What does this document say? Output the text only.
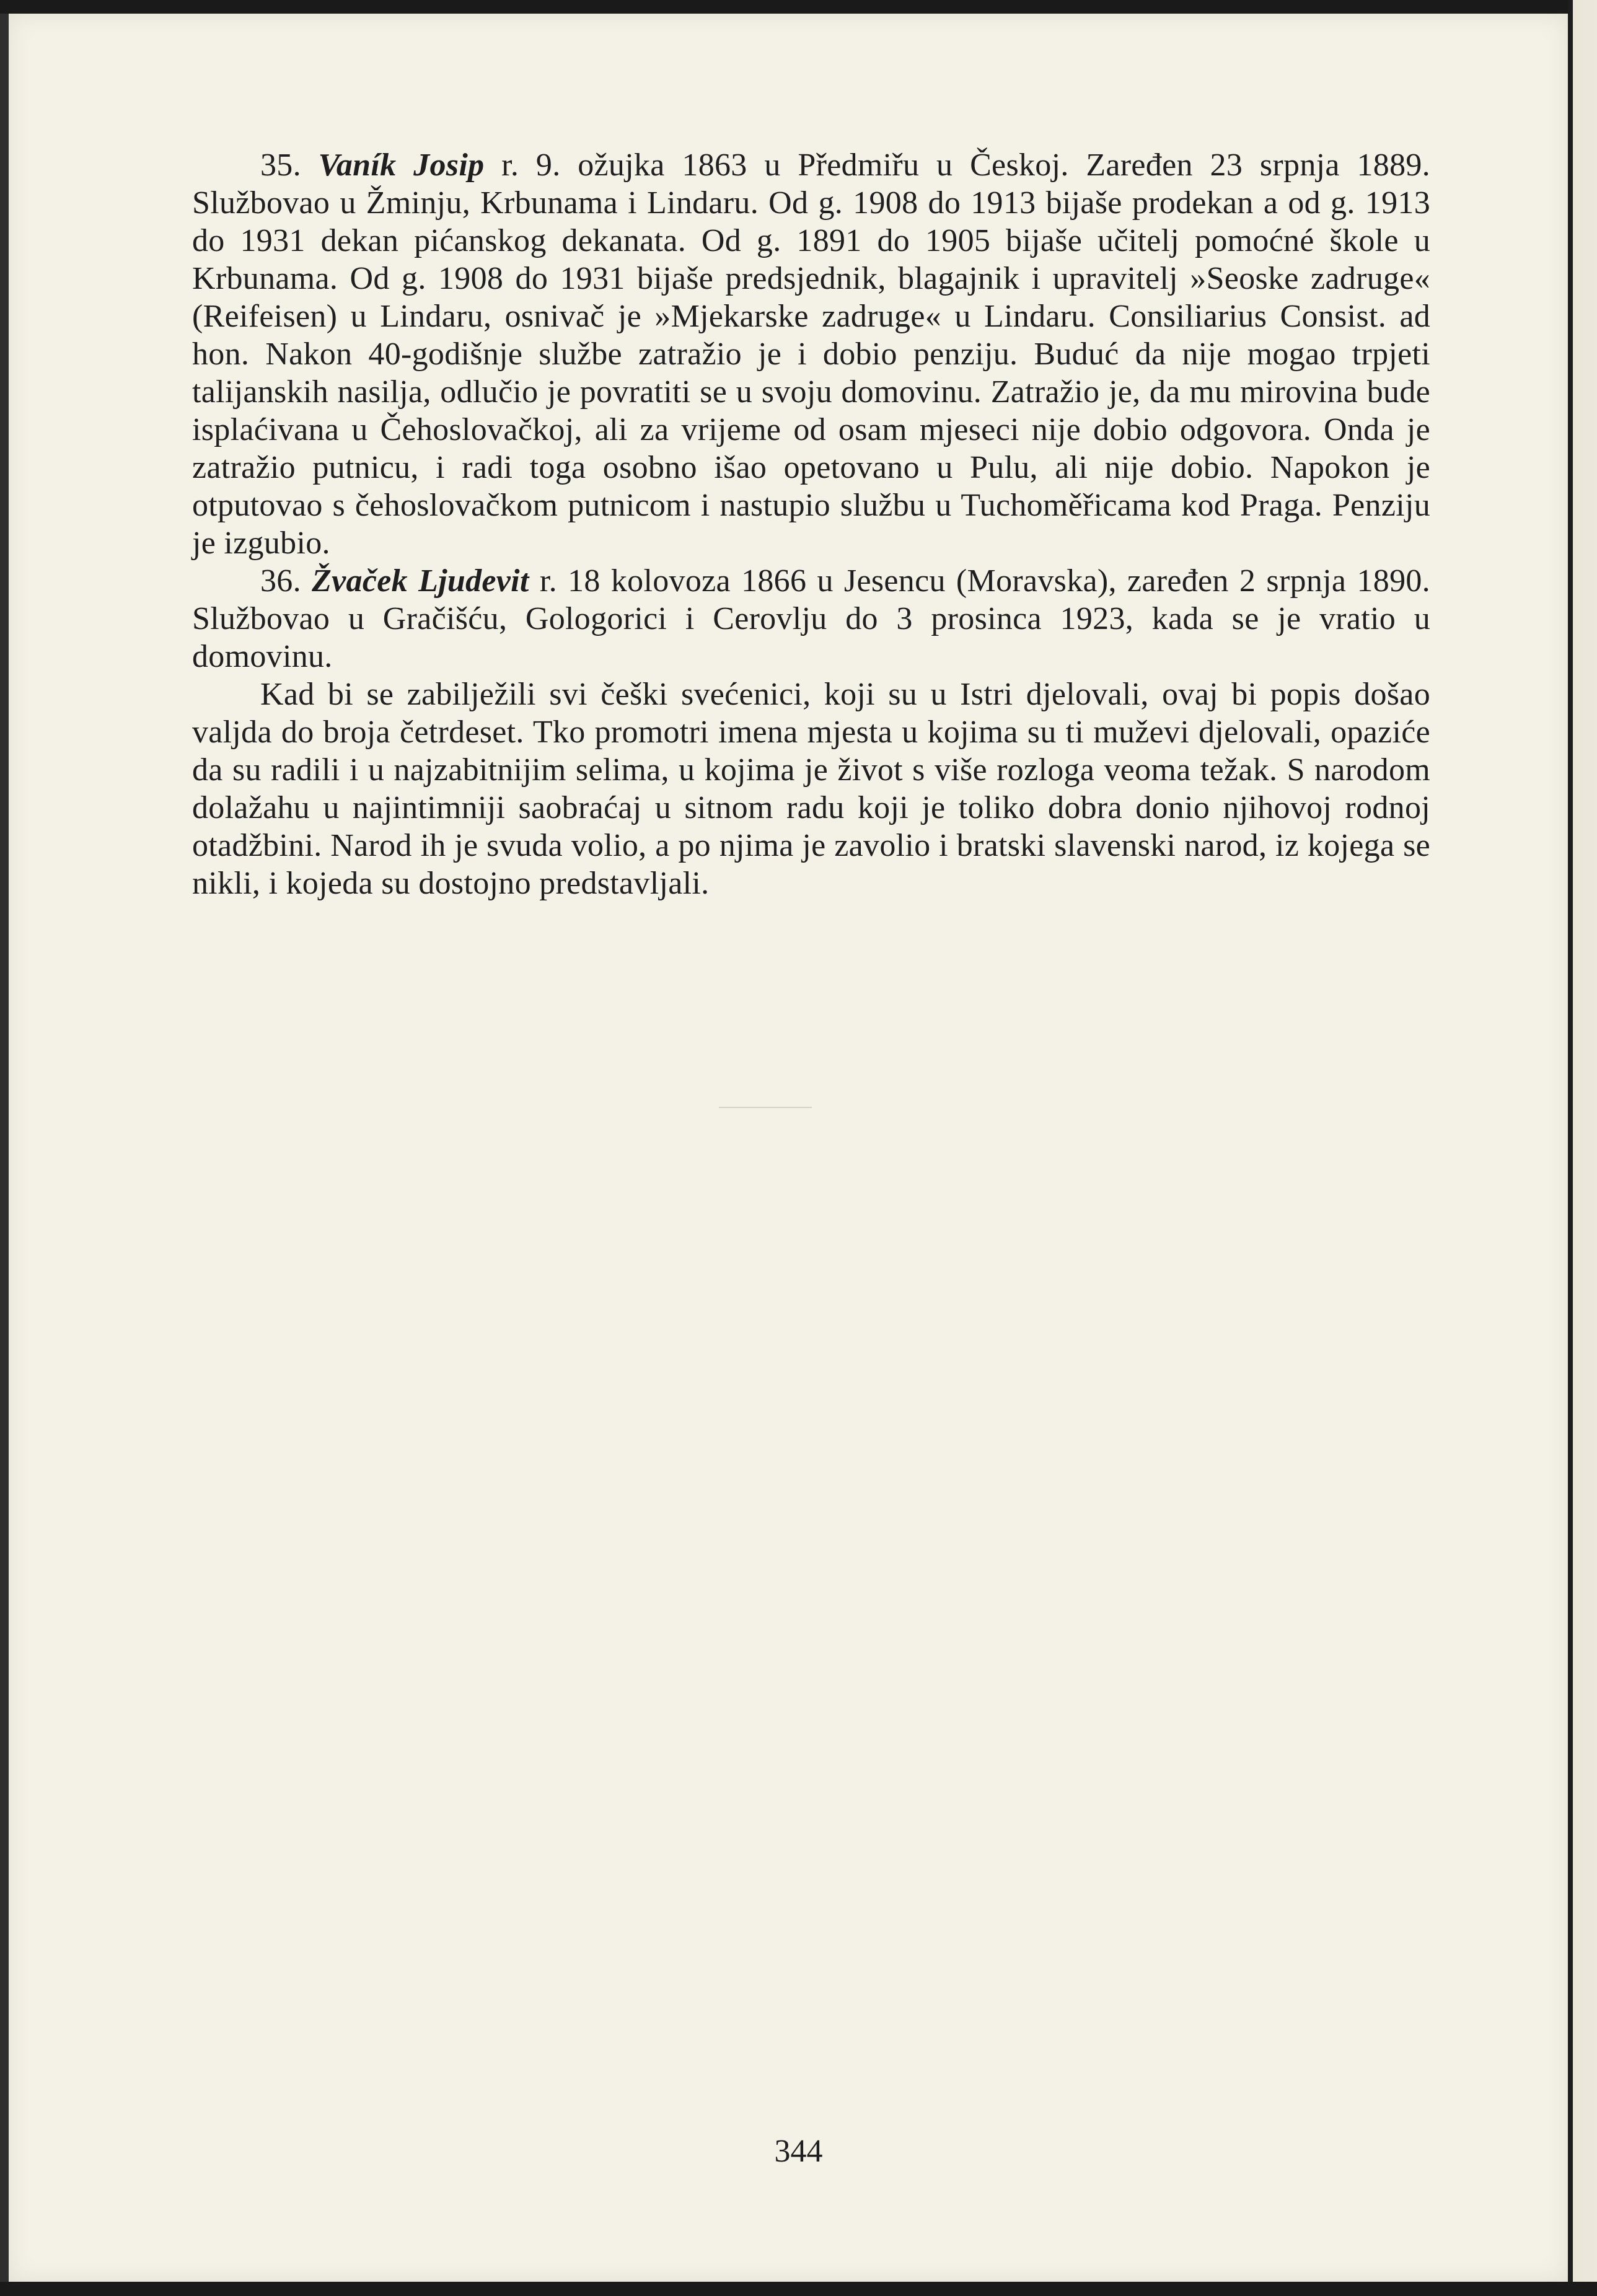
35. Vaník Josip r. 9. ožujka 1863 u Předmiřu u Českoj. Zaređen 23 srpnja 1889. Službovao u Žminju, Krbunama i Lindaru. Od g. 1908 do 1913 bijaše prodekan a od g. 1913 do 1931 dekan pićanskog dekanata. Od g. 1891 do 1905 bijaše učitelj pomoćné škole u Krbunama. Od g. 1908 do 1931 bijaše predsjednik, blagajnik i upravitelj »Seoske zadruge« (Reifeisen) u Lindaru, osnivač je »Mjekarske zadruge« u Lindaru. Consiliarius Consist. ad hon. Nakon 40-godišnje službe zatražio je i dobio penziju. Buduć da nije mogao trpjeti talijanskih nasilja, odlučio je povratiti se u svoju domovinu. Zatražio je, da mu mirovina bude isplaćivana u Čehoslovačkoj, ali za vrijeme od osam mjeseci nije dobio odgovora. Onda je zatražio putnicu, i radi toga osobno išao opetovano u Pulu, ali nije dobio. Napokon je otputovao s čehoslovačkom putnicom i nastupio službu u Tuchoměřicama kod Praga. Penziju je izgubio.

36. Žvaček Ljudevit r. 18 kolovoza 1866 u Jesencu (Moravska), zaređen 2 srpnja 1890. Službovao u Gračišću, Gologorici i Cerovlju do 3 prosinca 1923, kada se je vratio u domovinu.

Kad bi se zabilježili svi češki svećenici, koji su u Istri djelovali, ovaj bi popis došao valjda do broja četrdeset. Tko promotri imena mjesta u kojima su ti muževi djelovali, opaziće da su radili i u najzabitnijim selima, u kojima je život s više rozloga veoma težak. S narodom dolažahu u najintimniji saobraćaj u sitnom radu koji je toliko dobra donio njihovoj rodnoj otadžbini. Narod ih je svuda volio, a po njima je zavolio i bratski slavenski narod, iz kojega se nikli, i kojeda su dostojno predstavljali.

344
